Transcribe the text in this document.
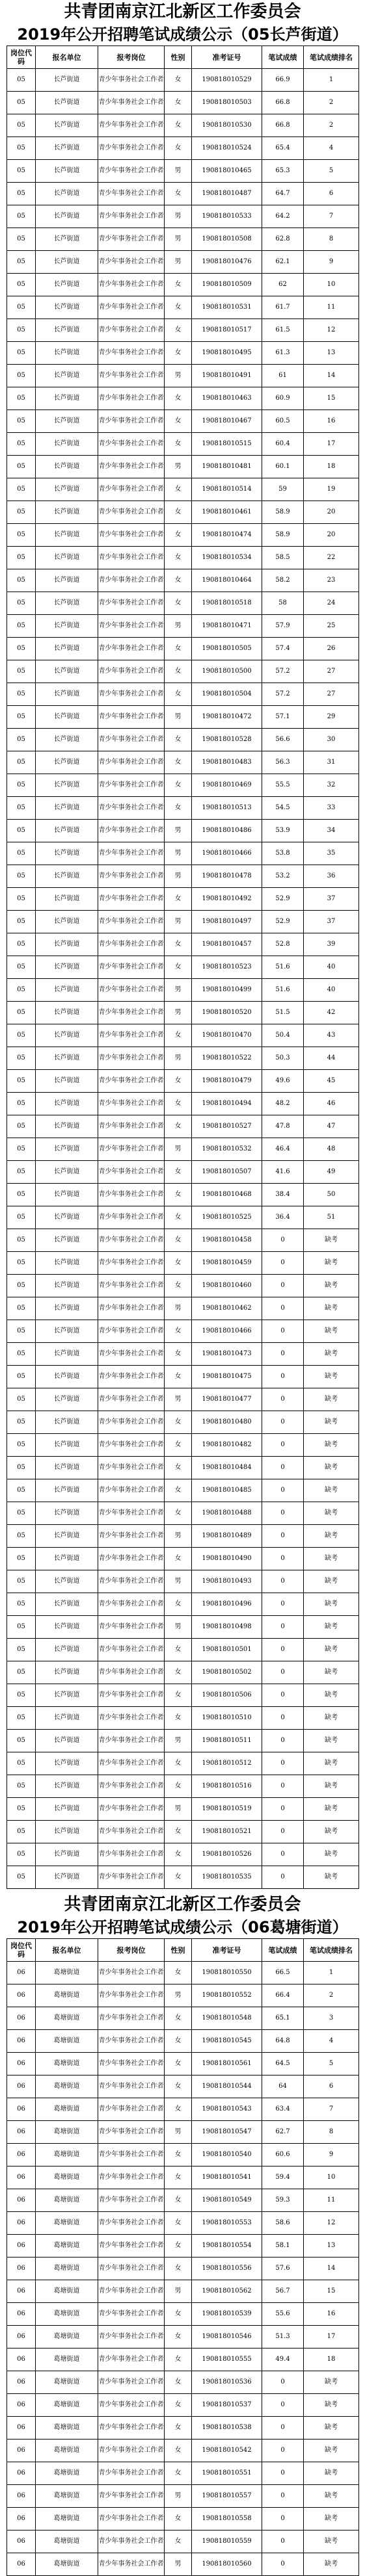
共青团南京江北新区工作委员会
2019年公开招聘笔试成绩公示（05长芦街道）
岗位代码	报名单位	报考岗位	性别	准考证号	笔试成绩	笔试成绩排名
05	长芦街道	青少年事务社会工作者	女	190818010529	66.9	1
05	长芦街道	青少年事务社会工作者	女	190818010503	66.8	2
05	长芦街道	青少年事务社会工作者	女	190818010530	66.8	2
05	长芦街道	青少年事务社会工作者	女	190818010524	65.4	4
05	长芦街道	青少年事务社会工作者	男	190818010465	65.3	5
05	长芦街道	青少年事务社会工作者	女	190818010487	64.7	6
05	长芦街道	青少年事务社会工作者	男	190818010533	64.2	7
05	长芦街道	青少年事务社会工作者	男	190818010508	62.8	8
05	长芦街道	青少年事务社会工作者	男	190818010476	62.1	9
05	长芦街道	青少年事务社会工作者	女	190818010509	62	10
05	长芦街道	青少年事务社会工作者	女	190818010531	61.7	11
05	长芦街道	青少年事务社会工作者	女	190818010517	61.5	12
05	长芦街道	青少年事务社会工作者	女	190818010495	61.3	13
05	长芦街道	青少年事务社会工作者	男	190818010491	61	14
05	长芦街道	青少年事务社会工作者	女	190818010463	60.9	15
05	长芦街道	青少年事务社会工作者	女	190818010467	60.5	16
05	长芦街道	青少年事务社会工作者	女	190818010515	60.4	17
05	长芦街道	青少年事务社会工作者	男	190818010481	60.1	18
05	长芦街道	青少年事务社会工作者	女	190818010514	59	19
05	长芦街道	青少年事务社会工作者	女	190818010461	58.9	20
05	长芦街道	青少年事务社会工作者	女	190818010474	58.9	20
05	长芦街道	青少年事务社会工作者	女	190818010534	58.5	22
05	长芦街道	青少年事务社会工作者	女	190818010464	58.2	23
05	长芦街道	青少年事务社会工作者	女	190818010518	58	24
05	长芦街道	青少年事务社会工作者	男	190818010471	57.9	25
05	长芦街道	青少年事务社会工作者	女	190818010505	57.4	26
05	长芦街道	青少年事务社会工作者	女	190818010500	57.2	27
05	长芦街道	青少年事务社会工作者	女	190818010504	57.2	27
05	长芦街道	青少年事务社会工作者	男	190818010472	57.1	29
05	长芦街道	青少年事务社会工作者	女	190818010528	56.6	30
05	长芦街道	青少年事务社会工作者	女	190818010483	56.3	31
05	长芦街道	青少年事务社会工作者	女	190818010469	55.5	32
05	长芦街道	青少年事务社会工作者	女	190818010513	54.5	33
05	长芦街道	青少年事务社会工作者	男	190818010486	53.9	34
05	长芦街道	青少年事务社会工作者	男	190818010466	53.8	35
05	长芦街道	青少年事务社会工作者	男	190818010478	53.2	36
05	长芦街道	青少年事务社会工作者	女	190818010492	52.9	37
05	长芦街道	青少年事务社会工作者	男	190818010497	52.9	37
05	长芦街道	青少年事务社会工作者	女	190818010457	52.8	39
05	长芦街道	青少年事务社会工作者	女	190818010523	51.6	40
05	长芦街道	青少年事务社会工作者	男	190818010499	51.6	40
05	长芦街道	青少年事务社会工作者	男	190818010520	51.5	42
05	长芦街道	青少年事务社会工作者	女	190818010470	50.4	43
05	长芦街道	青少年事务社会工作者	男	190818010522	50.3	44
05	长芦街道	青少年事务社会工作者	女	190818010479	49.6	45
05	长芦街道	青少年事务社会工作者	女	190818010494	48.2	46
05	长芦街道	青少年事务社会工作者	女	190818010527	47.8	47
05	长芦街道	青少年事务社会工作者	男	190818010532	46.4	48
05	长芦街道	青少年事务社会工作者	女	190818010507	41.6	49
05	长芦街道	青少年事务社会工作者	女	190818010468	38.4	50
05	长芦街道	青少年事务社会工作者	女	190818010525	36.4	51
05	长芦街道	青少年事务社会工作者	女	190818010458	0	缺考
05	长芦街道	青少年事务社会工作者	女	190818010459	0	缺考
05	长芦街道	青少年事务社会工作者	女	190818010460	0	缺考
05	长芦街道	青少年事务社会工作者	男	190818010462	0	缺考
05	长芦街道	青少年事务社会工作者	女	190818010466	0	缺考
05	长芦街道	青少年事务社会工作者	女	190818010473	0	缺考
05	长芦街道	青少年事务社会工作者	女	190818010475	0	缺考
05	长芦街道	青少年事务社会工作者	男	190818010477	0	缺考
05	长芦街道	青少年事务社会工作者	女	190818010480	0	缺考
05	长芦街道	青少年事务社会工作者	女	190818010482	0	缺考
05	长芦街道	青少年事务社会工作者	女	190818010484	0	缺考
05	长芦街道	青少年事务社会工作者	女	190818010485	0	缺考
05	长芦街道	青少年事务社会工作者	女	190818010488	0	缺考
05	长芦街道	青少年事务社会工作者	男	190818010489	0	缺考
05	长芦街道	青少年事务社会工作者	女	190818010490	0	缺考
05	长芦街道	青少年事务社会工作者	男	190818010493	0	缺考
05	长芦街道	青少年事务社会工作者	女	190818010496	0	缺考
05	长芦街道	青少年事务社会工作者	男	190818010498	0	缺考
05	长芦街道	青少年事务社会工作者	女	190818010501	0	缺考
05	长芦街道	青少年事务社会工作者	女	190818010502	0	缺考
05	长芦街道	青少年事务社会工作者	女	190818010506	0	缺考
05	长芦街道	青少年事务社会工作者	女	190818010510	0	缺考
05	长芦街道	青少年事务社会工作者	男	190818010511	0	缺考
05	长芦街道	青少年事务社会工作者	女	190818010512	0	缺考
05	长芦街道	青少年事务社会工作者	女	190818010516	0	缺考
05	长芦街道	青少年事务社会工作者	男	190818010519	0	缺考
05	长芦街道	青少年事务社会工作者	女	190818010521	0	缺考
05	长芦街道	青少年事务社会工作者	女	190818010526	0	缺考
05	长芦街道	青少年事务社会工作者	女	190818010535	0	缺考
共青团南京江北新区工作委员会
2019年公开招聘笔试成绩公示（06葛塘街道）
岗位代码	报名单位	报考岗位	性别	准考证号	笔试成绩	笔试成绩排名
06	葛塘街道	青少年事务社会工作者	女	190818010550	66.5	1
06	葛塘街道	青少年事务社会工作者	男	190818010552	66.4	2
06	葛塘街道	青少年事务社会工作者	女	190818010548	65.1	3
06	葛塘街道	青少年事务社会工作者	女	190818010545	64.8	4
06	葛塘街道	青少年事务社会工作者	女	190818010561	64.5	5
06	葛塘街道	青少年事务社会工作者	女	190818010544	64	6
06	葛塘街道	青少年事务社会工作者	女	190818010543	63.4	7
06	葛塘街道	青少年事务社会工作者	男	190818010547	62.7	8
06	葛塘街道	青少年事务社会工作者	女	190818010540	60.6	9
06	葛塘街道	青少年事务社会工作者	女	190818010541	59.4	10
06	葛塘街道	青少年事务社会工作者	女	190818010549	59.3	11
06	葛塘街道	青少年事务社会工作者	女	190818010553	58.6	12
06	葛塘街道	青少年事务社会工作者	女	190818010554	58.1	13
06	葛塘街道	青少年事务社会工作者	女	190818010556	57.6	14
06	葛塘街道	青少年事务社会工作者	男	190818010562	56.7	15
06	葛塘街道	青少年事务社会工作者	女	190818010539	55.6	16
06	葛塘街道	青少年事务社会工作者	女	190818010546	51.3	17
06	葛塘街道	青少年事务社会工作者	女	190818010555	49.4	18
06	葛塘街道	青少年事务社会工作者	女	190818010536	0	缺考
06	葛塘街道	青少年事务社会工作者	女	190818010537	0	缺考
06	葛塘街道	青少年事务社会工作者	女	190818010538	0	缺考
06	葛塘街道	青少年事务社会工作者	女	190818010542	0	缺考
06	葛塘街道	青少年事务社会工作者	女	190818010551	0	缺考
06	葛塘街道	青少年事务社会工作者	男	190818010557	0	缺考
06	葛塘街道	青少年事务社会工作者	女	190818010558	0	缺考
06	葛塘街道	青少年事务社会工作者	女	190818010559	0	缺考
06	葛塘街道	青少年事务社会工作者	男	190818010560	0	缺考
